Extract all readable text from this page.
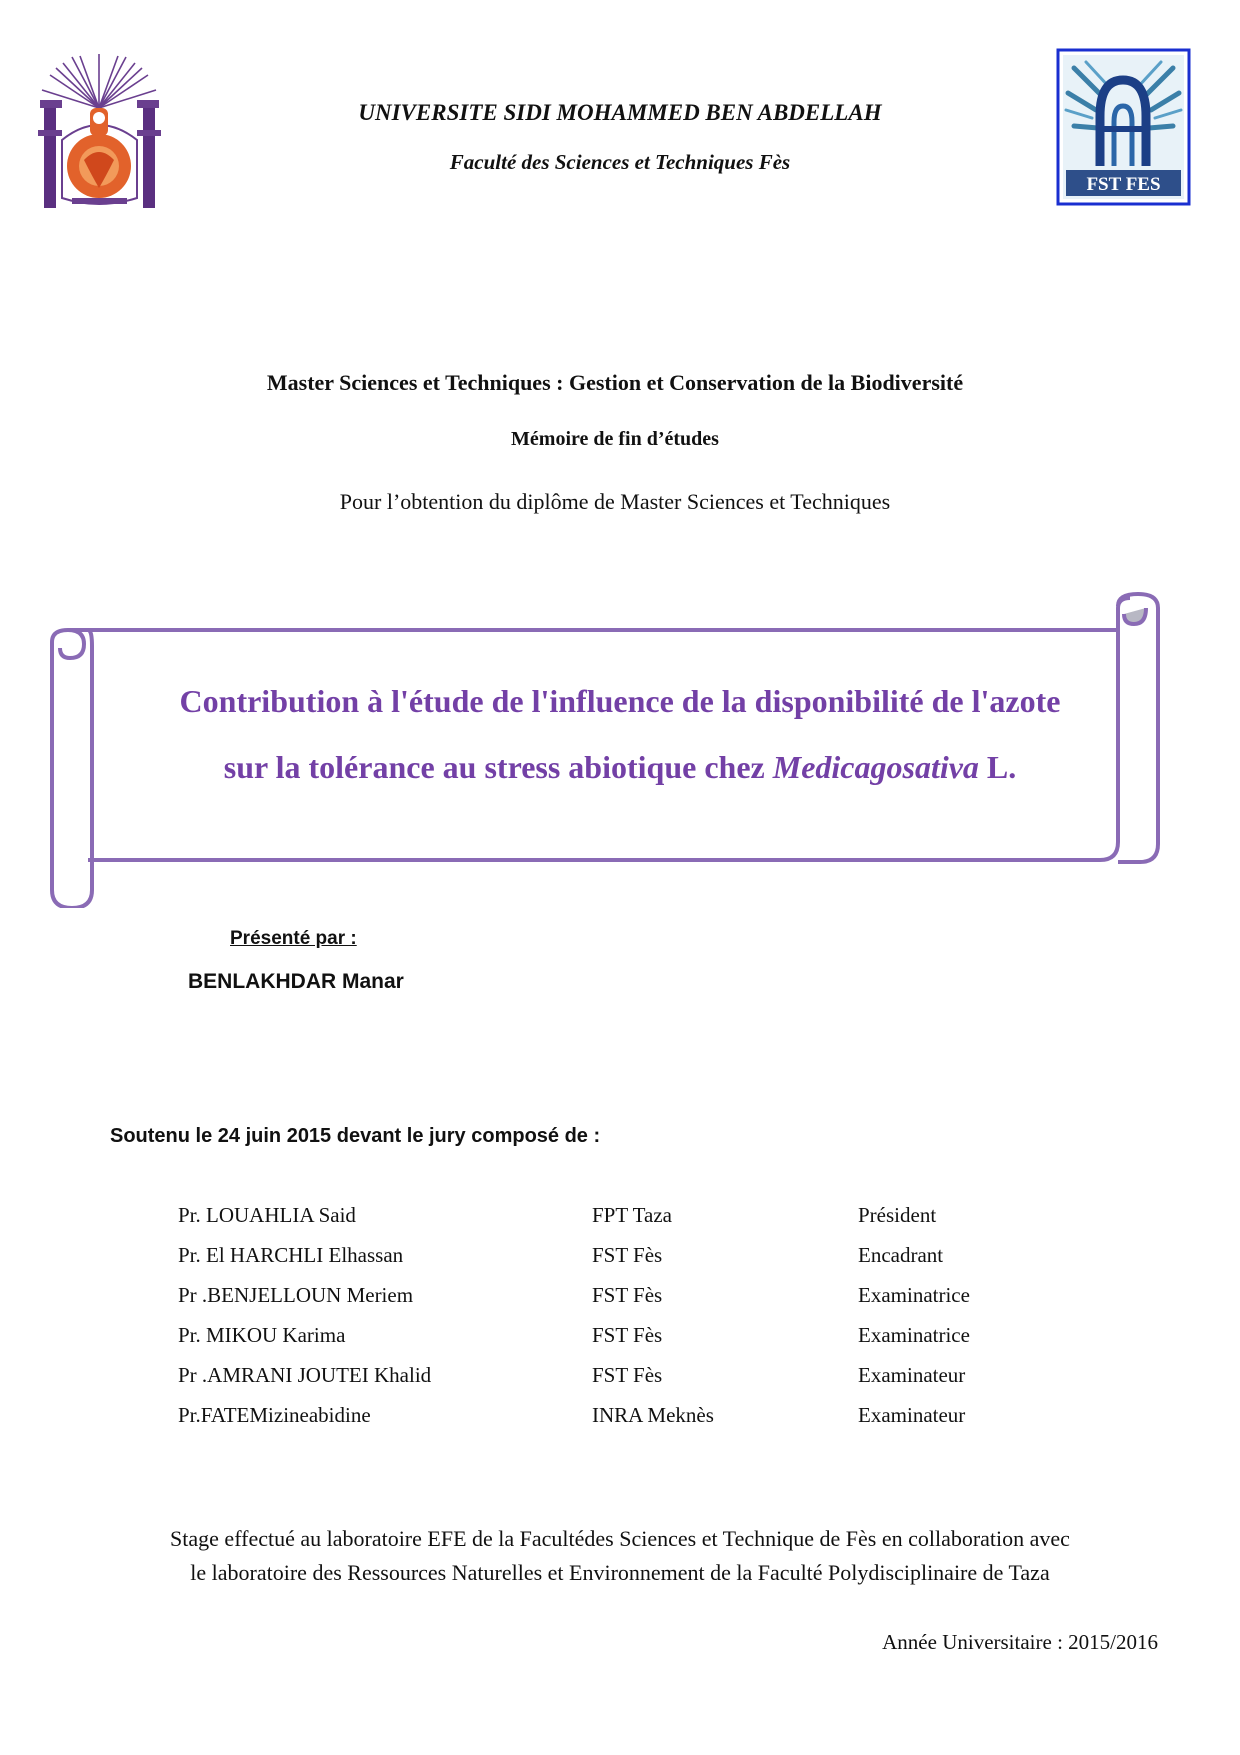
FST FES
UNIVERSITE SIDI MOHAMMED BEN ABDELLAH
Faculté des Sciences et Techniques Fès
Master Sciences et Techniques : Gestion et Conservation de la Biodiversité
Mémoire de fin d’études
Pour l’obtention du diplôme de Master Sciences et Techniques
Contribution à l'étude de l'influence de la disponibilité de l'azote
sur la tolérance au stress abiotique chez Medicagosativa L.
Présenté par :
BENLAKHDAR Manar
Soutenu le 24 juin 2015 devant le jury composé de :
Pr. LOUAHLIA Said	FPT Taza	Président
Pr. El HARCHLI Elhassan	FST Fès	Encadrant
Pr .BENJELLOUN Meriem	FST Fès	Examinatrice
Pr. MIKOU Karima	FST Fès	Examinatrice
Pr .AMRANI JOUTEI Khalid	FST Fès	Examinateur
Pr.FATEMizineabidine	INRA Meknès	Examinateur
Stage effectué au laboratoire EFE de la Facultédes Sciences et Technique de Fès en collaboration avec
le laboratoire des Ressources Naturelles et Environnement de la Faculté Polydisciplinaire de Taza
Année Universitaire : 2015/2016
